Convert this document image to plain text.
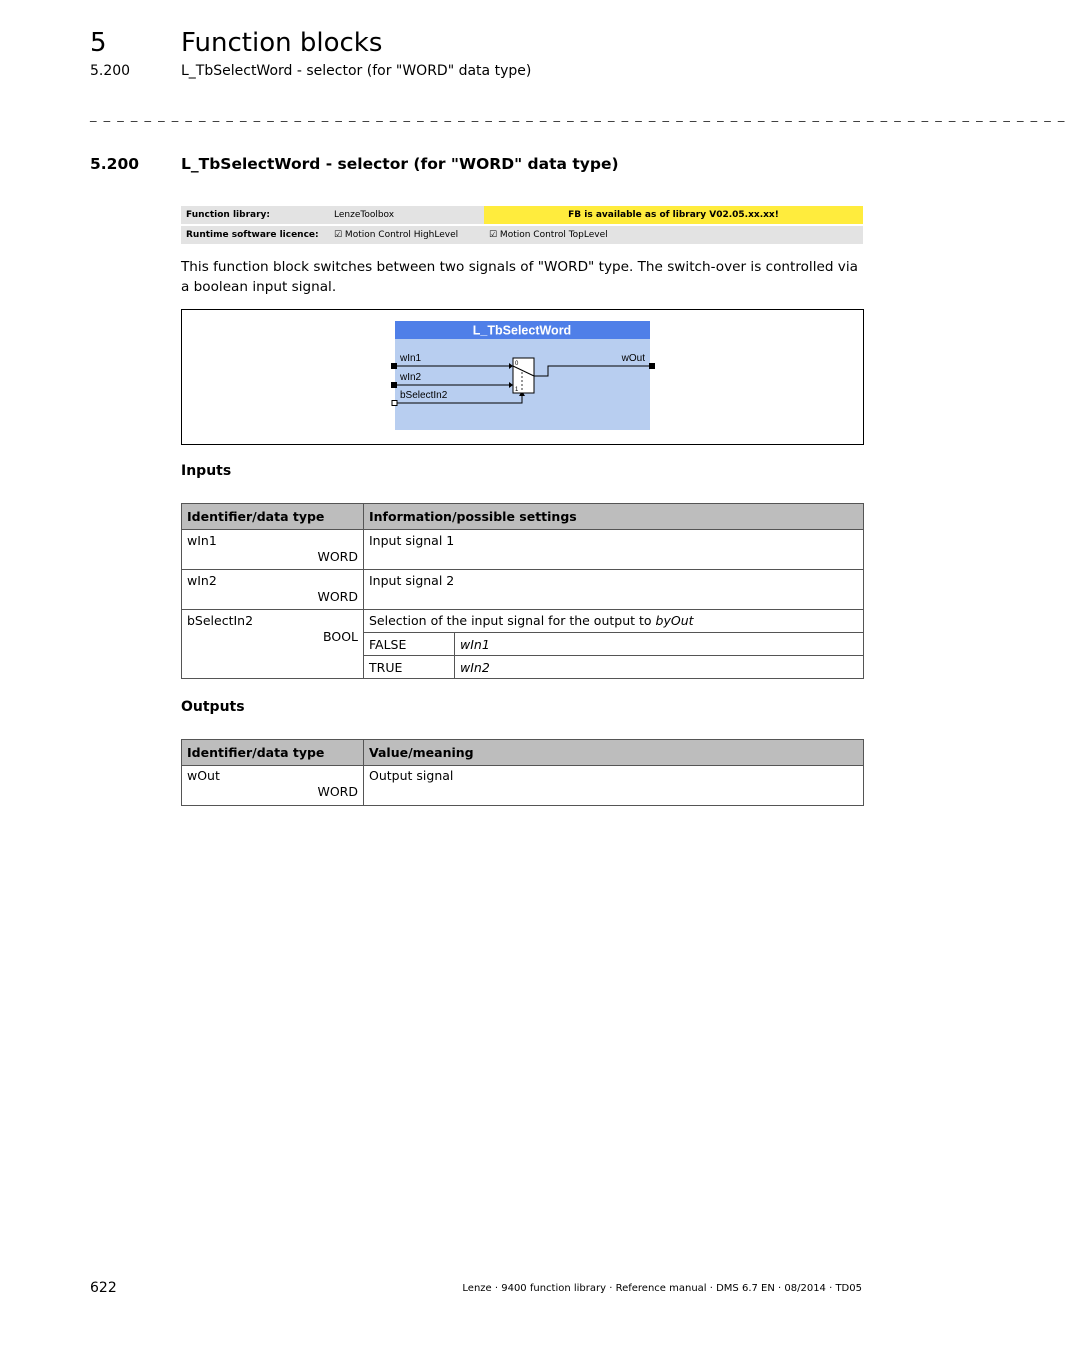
5	Function blocks
5.200	L_TbSelectWord - selector (for "WORD" data type)
_ _ _ _ _ _ _ _ _ _ _ _ _ _ _ _ _ _ _ _ _ _ _ _ _ _ _ _ _ _ _ _ _ _ _ _ _ _ _ _ _ _ _ _ _ _ _ _ _ _ _ _ _ _ _ _ _ _ _ _ _ _ _ _ _ _ _ _ _ _ _ _
5.200	L_TbSelectWord - selector (for "WORD" data type)
Function library:	LenzeToolbox	FB is available as of library V02.05.xx.xx!
Runtime software licence:	☑ Motion Control HighLevel	☑ Motion Control TopLevel
This function block switches between two signals of "WORD" type. The switch-over is controlled via a boolean input signal.
L_TbSelectWord
wIn1
wIn2
bSelectIn2
wOut
0
1
Inputs
Identifier/data type	Information/possible settings	

wIn1
WORD	Input signal 1	

wIn2
WORD	Input signal 2	

bSelectIn2
BOOL	Selection of the input signal for the output to byOut	

	FALSE	wIn1
	TRUE	wIn2
Outputs
Identifier/data type	Value/meaning

wOut
WORD	Output signal
622	Lenze · 9400 function library · Reference manual · DMS 6.7 EN · 08/2014 · TD05
